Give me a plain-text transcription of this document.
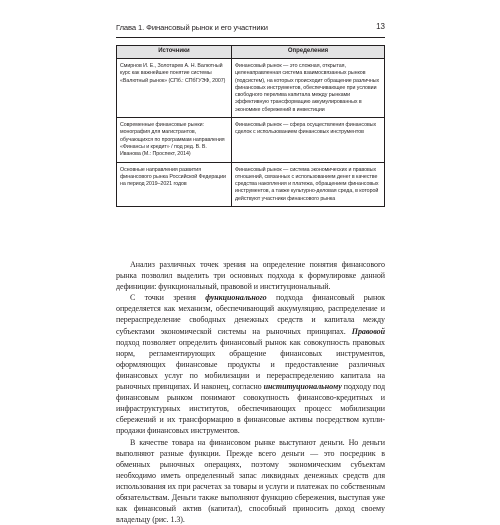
Глава 1. Финансовый рынок и его участники	13
Источники	Определения
Смирнов И. Е., Золотарев А. Н. Валютный курс как важнейшее понятие системы «Валютный рынок» (СПб.: СПбГУЭФ, 2007)	Финансовый рынок — это сложная, открытая, целенаправленная система взаимосвязанных рынков (подсистем), на которых происходит обращение различных финансовых инструментов, обеспечивающее при условии свободного перелива капитала между рынками эффективную трансформацию аккумулированных в экономике сбережений в инвестиции
Современные финансовые рынки: монография для магистрантов, обучающихся по программам направления «Финансы и кредит» / под ред. В. В. Иванова (М.: Проспект, 2014)	Финансовый рынок — сфера осуществления финансовых сделок с использованием финансовых инструментов
Основные направления развития финансового рынка Российской Федерации на период 2019–2021 годов	Финансовый рынок — система экономических и правовых отношений, связанных с использованием денег в качестве средства накопления и платежа, обращением финансовых инструментов, а также культурно-деловая среда, в которой действуют участники финансового рынка

Анализ различных точек зрения на определение понятия финансового рынка позволил выделить три основных подхода к формулировке данной дефиниции: функциональный, правовой и институциональный.

С точки зрения функционального подхода финансовый рынок определяется как механизм, обеспечивающий аккумуляцию, распределение и перераспределение свободных денежных средств и капитала между субъектами экономической системы на рыночных принципах. Правовой подход позволяет определить финансовый рынок как совокупность правовых норм, регламентирующих обращение финансовых инструментов, оформляющих финансовые продукты и предоставление различных финансовых услуг по мобилизации и перераспределению капитала на рыночных принципах. И наконец, согласно институциональному подходу под финансовым рынком понимают совокупность финансово-кредитных и инфраструктурных институтов, обеспечивающих процесс мобилизации сбережений и их трансформацию в финансовые активы посредством купли-продажи финансовых инструментов.

В качестве товара на финансовом рынке выступают деньги. Но деньги выполняют разные функции. Прежде всего деньги — это посредник в обменных рыночных операциях, поэтому экономическим субъектам необходимо иметь определенный запас ликвидных денежных средств для использования их при расчетах за товары и услуги и платежах по собственным обязательствам. Деньги также выполняют функцию сбережения, выступая уже как финансовый актив (капитал), способный приносить доход своему владельцу (рис. 1.3).
